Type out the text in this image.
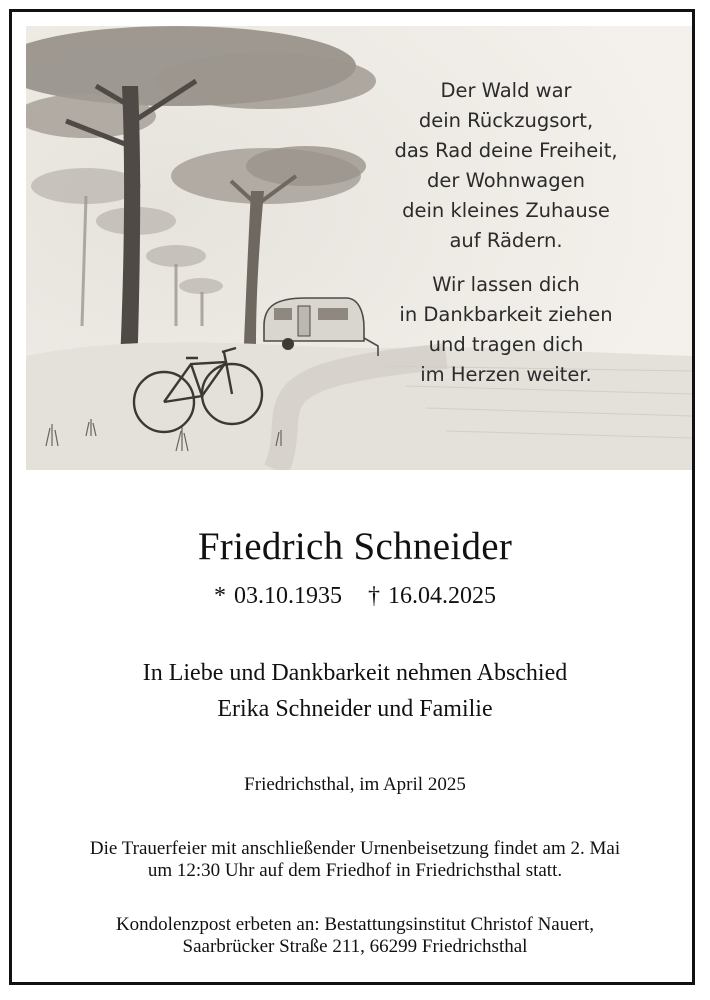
Der Wald war
dein Rückzugsort,
das Rad deine Freiheit,
der Wohnwagen
dein kleines Zuhause
auf Rädern.
Wir lassen dich
in Dankbarkeit ziehen
und tragen dich
im Herzen weiter.
Friedrich Schneider
* 03.10.1935 † 16.04.2025
In Liebe und Dankbarkeit nehmen Abschied
Erika Schneider und Familie
Friedrichsthal, im April 2025
Die Trauerfeier mit anschließender Urnenbeisetzung findet am 2. Mai
um 12:30 Uhr auf dem Friedhof in Friedrichsthal statt.
Kondolenzpost erbeten an: Bestattungsinstitut Christof Nauert,
Saarbrücker Straße 211, 66299 Friedrichsthal
